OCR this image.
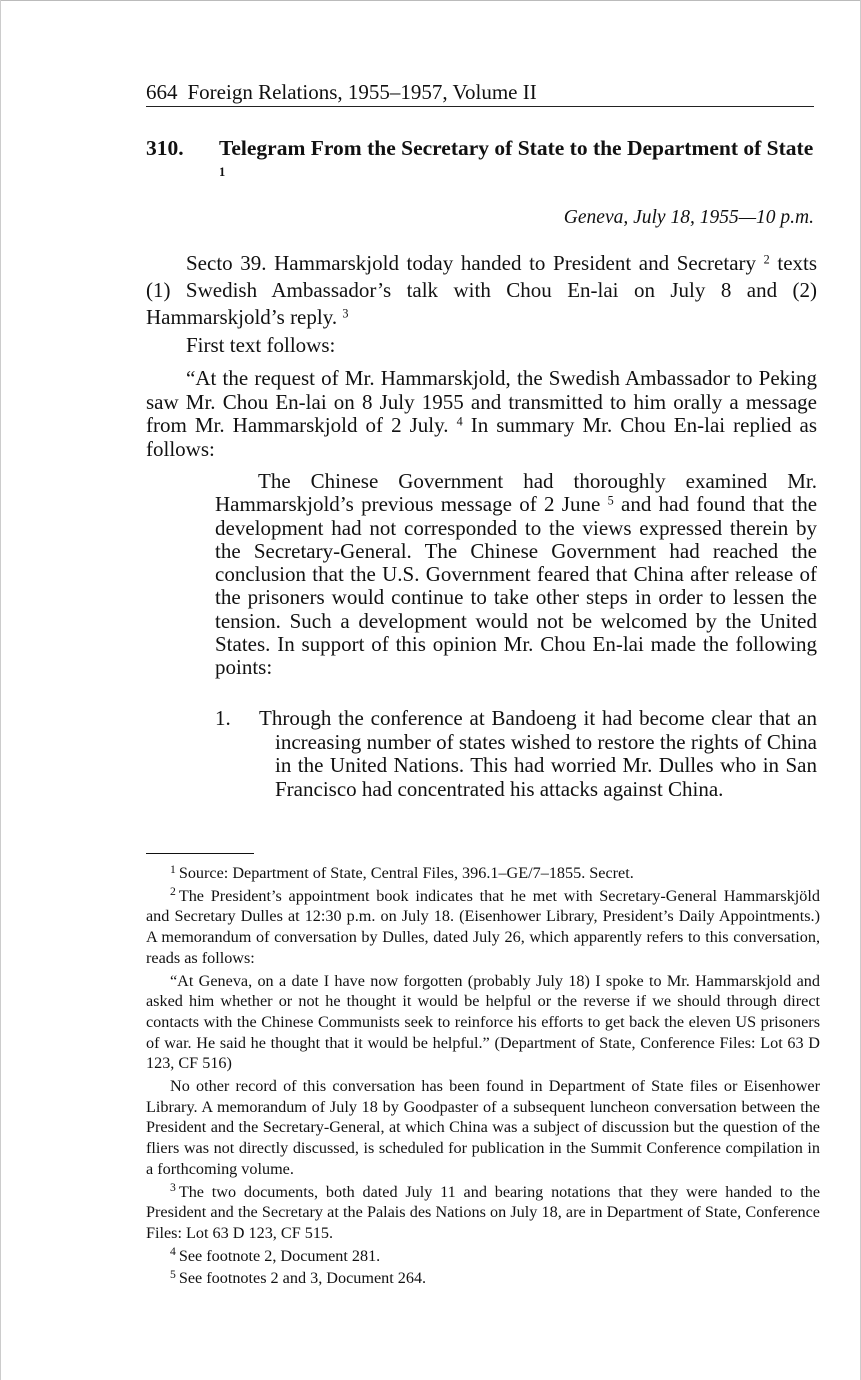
664 Foreign Relations, 1955–1957, Volume II
310. Telegram From the Secretary of State to the Department of State $^1$
Geneva, July 18, 1955—10 p.m.
Secto 39. Hammarskjold today handed to President and Secretary $^2$ texts (1) Swedish Ambassador’s talk with Chou En-lai on July 8 and (2) Hammarskjold’s reply. $^3$
First text follows:
“At the request of Mr. Hammarskjold, the Swedish Ambassador to Peking saw Mr. Chou En-lai on 8 July 1955 and transmitted to him orally a message from Mr. Hammarskjold of 2 July. $^4$ In summary Mr. Chou En-lai replied as follows:
The Chinese Government had thoroughly examined Mr. Hammarskjold’s previous message of 2 June $^5$ and had found that the development had not corresponded to the views expressed therein by the Secretary-General. The Chinese Government had reached the conclusion that the U.S. Government feared that China after release of the prisoners would continue to take other steps in order to lessen the tension. Such a development would not be welcomed by the United States. In support of this opinion Mr. Chou En-lai made the following points:
1.	Through the conference at Bandoeng it had become clear that an increasing number of states wished to restore the rights of China in the United Nations. This had worried Mr. Dulles who in San Francisco had concentrated his attacks against China.

$^1$ Source: Department of State, Central Files, 396.1–GE/7–1855. Secret.

$^2$ The President’s appointment book indicates that he met with Secretary-General Hammarskjöld and Secretary Dulles at 12:30 p.m. on July 18. (Eisenhower Library, President’s Daily Appointments.) A memorandum of conversation by Dulles, dated July 26, which apparently refers to this conversation, reads as follows:

“At Geneva, on a date I have now forgotten (probably July 18) I spoke to Mr. Hammarskjold and asked him whether or not he thought it would be helpful or the reverse if we should through direct contacts with the Chinese Communists seek to reinforce his efforts to get back the eleven US prisoners of war. He said he thought that it would be helpful.” (Department of State, Conference Files: Lot 63 D 123, CF 516)

No other record of this conversation has been found in Department of State files or Eisenhower Library. A memorandum of July 18 by Goodpaster of a subsequent luncheon conversation between the President and the Secretary-General, at which China was a subject of discussion but the question of the fliers was not directly discussed, is scheduled for publication in the Summit Conference compilation in a forthcoming volume.

$^3$ The two documents, both dated July 11 and bearing notations that they were handed to the President and the Secretary at the Palais des Nations on July 18, are in Department of State, Conference Files: Lot 63 D 123, CF 515.

$^4$ See footnote 2, Document 281.

$^5$ See footnotes 2 and 3, Document 264.
